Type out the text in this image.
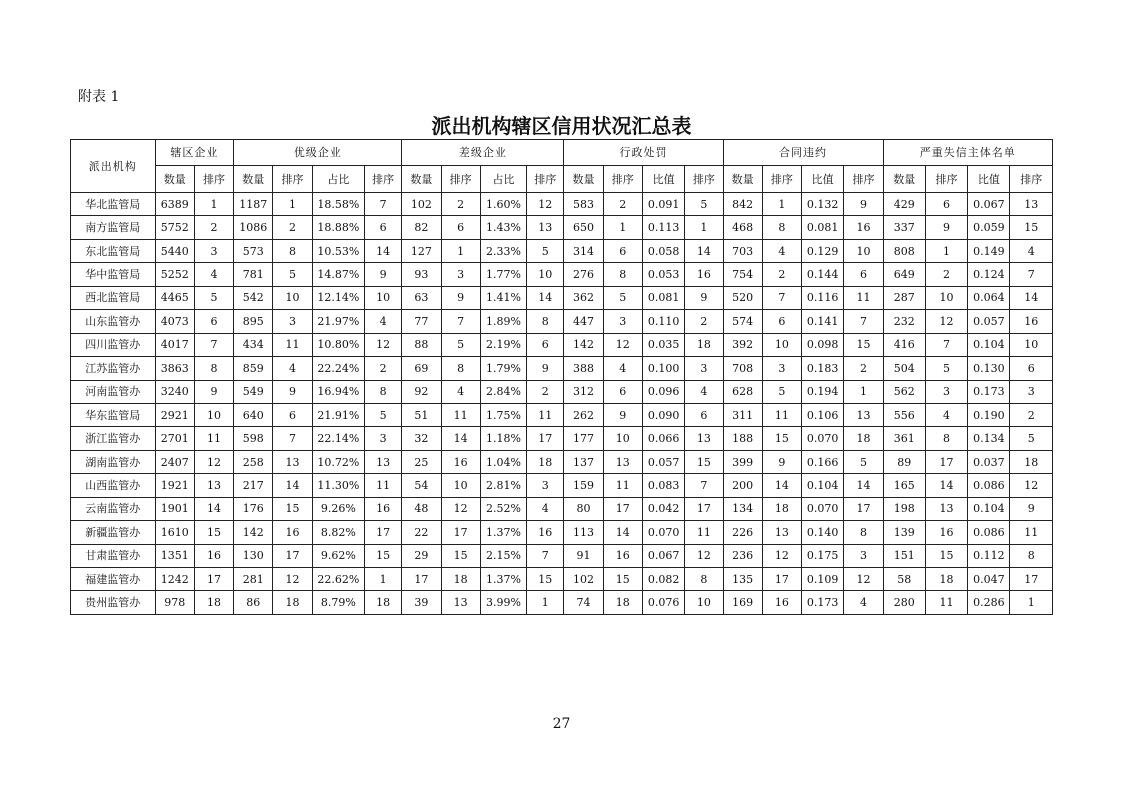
附表 1
派出机构辖区信用状况汇总表
派出机构	辖区企业		优级企业				差级企业				行政处罚				合同违约				严重失信主体名单			
	数量	排序	数量	排序	占比	排序	数量	排序	占比	排序	数量	排序	比值	排序	数量	排序	比值	排序	数量	排序	比值	排序
华北监管局	6389	1	1187	1	18.58%	7	102	2	1.60%	12	583	2	0.091	5	842	1	0.132	9	429	6	0.067	13
南方监管局	5752	2	1086	2	18.88%	6	82	6	1.43%	13	650	1	0.113	1	468	8	0.081	16	337	9	0.059	15
东北监管局	5440	3	573	8	10.53%	14	127	1	2.33%	5	314	6	0.058	14	703	4	0.129	10	808	1	0.149	4
华中监管局	5252	4	781	5	14.87%	9	93	3	1.77%	10	276	8	0.053	16	754	2	0.144	6	649	2	0.124	7
西北监管局	4465	5	542	10	12.14%	10	63	9	1.41%	14	362	5	0.081	9	520	7	0.116	11	287	10	0.064	14
山东监管办	4073	6	895	3	21.97%	4	77	7	1.89%	8	447	3	0.110	2	574	6	0.141	7	232	12	0.057	16
四川监管办	4017	7	434	11	10.80%	12	88	5	2.19%	6	142	12	0.035	18	392	10	0.098	15	416	7	0.104	10
江苏监管办	3863	8	859	4	22.24%	2	69	8	1.79%	9	388	4	0.100	3	708	3	0.183	2	504	5	0.130	6
河南监管办	3240	9	549	9	16.94%	8	92	4	2.84%	2	312	6	0.096	4	628	5	0.194	1	562	3	0.173	3
华东监管局	2921	10	640	6	21.91%	5	51	11	1.75%	11	262	9	0.090	6	311	11	0.106	13	556	4	0.190	2
浙江监管办	2701	11	598	7	22.14%	3	32	14	1.18%	17	177	10	0.066	13	188	15	0.070	18	361	8	0.134	5
湖南监管办	2407	12	258	13	10.72%	13	25	16	1.04%	18	137	13	0.057	15	399	9	0.166	5	89	17	0.037	18
山西监管办	1921	13	217	14	11.30%	11	54	10	2.81%	3	159	11	0.083	7	200	14	0.104	14	165	14	0.086	12
云南监管办	1901	14	176	15	9.26%	16	48	12	2.52%	4	80	17	0.042	17	134	18	0.070	17	198	13	0.104	9
新疆监管办	1610	15	142	16	8.82%	17	22	17	1.37%	16	113	14	0.070	11	226	13	0.140	8	139	16	0.086	11
甘肃监管办	1351	16	130	17	9.62%	15	29	15	2.15%	7	91	16	0.067	12	236	12	0.175	3	151	15	0.112	8
福建监管办	1242	17	281	12	22.62%	1	17	18	1.37%	15	102	15	0.082	8	135	17	0.109	12	58	18	0.047	17
贵州监管办	978	18	86	18	8.79%	18	39	13	3.99%	1	74	18	0.076	10	169	16	0.173	4	280	11	0.286	1
27
